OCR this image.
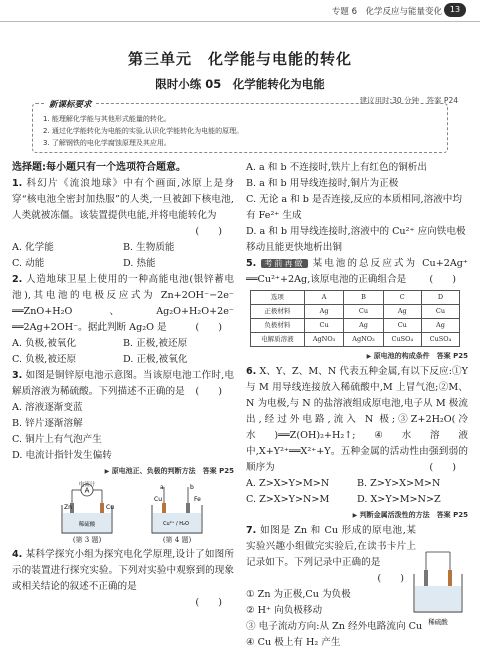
专题 6　化学反应与能量变化 13
第三单元　化学能与电能的转化
限时小练 05　化学能转化为电能
建议用时:30 分钟　答案 P24
新课标要求
1. 能理解化学能与其他形式能量的转化。
2. 通过化学能转化为电能的实验,认识化学能转化为电能的原理。
3. 了解钢铁的电化学腐蚀原理及其应用。
选择题:每小题只有一个选项符合题意。
1. 科幻片《流浪地球》中有个画面,冰原上是身穿“核电池全密封加热服”的人类,一旦被卸下核电池,人类就被冻僵。该装置提供电能,并将电能转化为
(　　)
A. 化学能	B. 生物质能
C. 动能	D. 热能
2. 人造地球卫星上使用的一种高能电池(银锌蓄电池),其电池的电极反应式为 Zn+2OH⁻−2e⁻ ══ZnO+H₂O、Ag₂O+H₂O+2e⁻ ══2Ag+2OH⁻。据此判断 Ag₂O 是	(　　)
A. 负极,被氧化	B. 正极,被还原
C. 负极,被还原	D. 正极,被氧化
3. 如图是铜锌原电池示意图。当该原电池工作时,电解质溶液为稀硫酸。下列描述不正确的是 (　　)
A. 溶液逐渐变蓝
B. 锌片逐渐溶解
C. 铜片上有气泡产生
D. 电流计指针发生偏转
▶ 原电池正、负极的判断方法　答案 P25
A
Zn	Cu
电流计
稀硫酸
(第 3 题)
a	b
Cu	Fe
Cu²⁺ / H₂O
(第 4 题)
4. 某科学探究小组为探究电化学原理,设计了如图所示的装置进行探究实验。下列对实验中观察到的现象或相关结论的叙述不正确的是
(　　)
A. a 和 b 不连接时,铁片上有红色的铜析出
B. a 和 b 用导线连接时,铜片为正极
C. 无论 a 和 b 是否连接,反应的本质相同,溶液中均有 Fe²⁺ 生成
D. a 和 b 用导线连接时,溶液中的 Cu²⁺ 应向铁电极移动且能更快地析出铜
5. 考前再做 某电池的总反应式为 Cu+2Ag⁺ ══Cu²⁺+2Ag,该原电池的正确组合是 (　　)
选项	A	B	C	D
正极材料	Ag	Cu	Ag	Cu
负极材料	Cu	Ag	Cu	Ag
电解质溶液	AgNO₃	AgNO₃	CuSO₄	CuSO₄
▶ 原电池的构成条件　答案 P25
6. X、Y、Z、M、N 代表五种金属,有以下反应:①Y 与 M 用导线连接放入稀硫酸中,M 上冒气泡;②M、N 为电极,与 N 的盐溶液组成原电池,电子从 M 极流出,经过外电路,流入 N 极;③Z+2H₂O(冷水)══Z(OH)₂+H₂↑;④水溶液中,X+Y²⁺══X²⁺+Y。五种金属的活动性由强到弱的顺序为	(　　)
A. Z>X>Y>M>N	B. Z>Y>X>M>N
C. Z>X>Y>N>M	D. X>Y>M>N>Z
▶ 判断金属活泼性的方法　答案 P25
7. 如图是 Zn 和 Cu 形成的原电池,某实验兴趣小组做完实验后,在读书卡片上记录如下。下列记录中正确的是
(　　)
① Zn 为正极,Cu 为负极
② H⁺ 向负极移动
③ 电子流动方向:从 Zn 经外电路流向 Cu
④ Cu 极上有 H₂ 产生
稀硫酸
